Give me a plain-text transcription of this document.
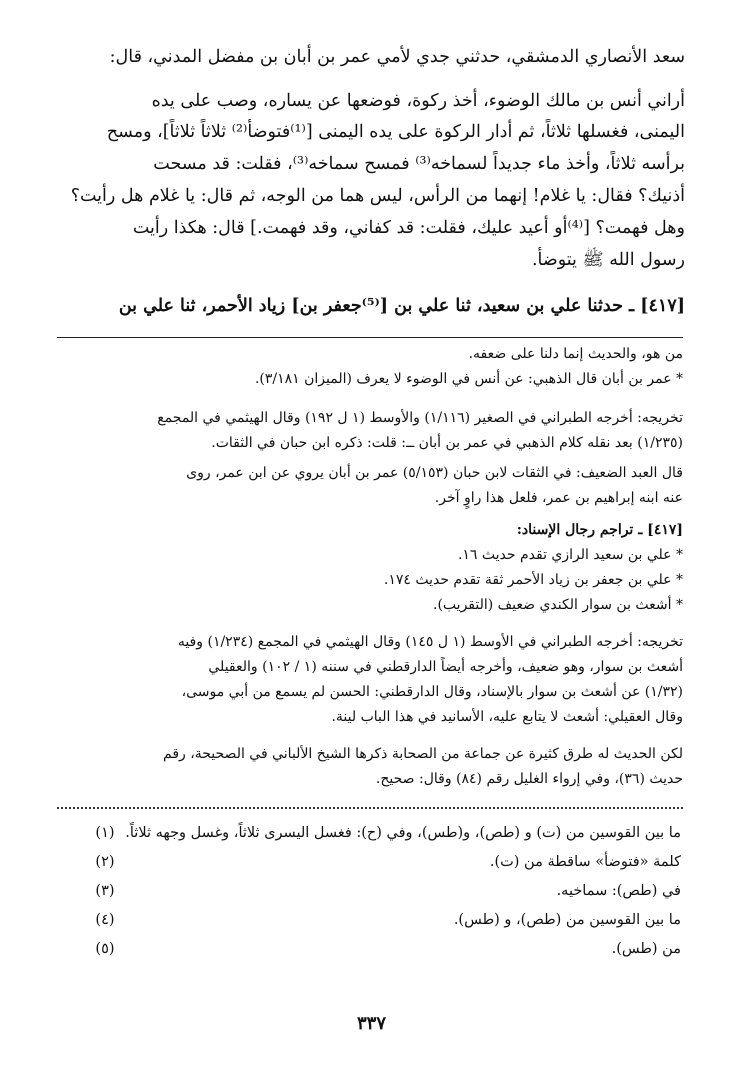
سعد الأنصاري الدمشقي، حدثني جدي لأمي عمر بن أبان بن مفضل المدني، قال:
أراني أنس بن مالك الوضوء، أخذ ركوة، فوضعها عن يساره، وصب على يده
اليمنى، فغسلها ثلاثاً، ثم أدار الركوة على يده اليمنى [⁽¹⁾فتوضأ⁽²⁾ ثلاثاً ثلاثاً]، ومسح
برأسه ثلاثاً، وأخذ ماء جديداً لسماخه⁽³⁾ فمسح سماخه⁽³⁾، فقلت: قد مسحت
أذنيك؟ فقال: يا غلام! إنهما من الرأس، ليس هما من الوجه، ثم قال: يا غلام هل رأيت؟
وهل فهمت؟ [⁽⁴⁾أو أعيد عليك، فقلت: قد كفاني، وقد فهمت.] قال: هكذا رأيت
رسول الله ﷺ يتوضأ.
[٤١٧] ـ حدثنا علي بن سعيد، ثنا علي بن [⁽⁵⁾جعفر بن] زياد الأحمر، ثنا علي بن
من هو، والحديث إنما دلنا على ضعفه.
* عمر بن أبان قال الذهبي: عن أنس في الوضوء لا يعرف (الميزان ٣/١٨١).
تخريجه: أخرجه الطبراني في الصغير (١/١١٦) والأوسط (١ ل ١٩٢) وقال الهيثمي في المجمع
(١/٢٣٥) بعد نقله كلام الذهبي في عمر بن أبان ــ: قلت: ذكره ابن حبان في الثقات.
قال العبد الضعيف: في الثقات لابن حبان (٥/١٥٣) عمر بن أبان يروي عن ابن عمر، روى
عنه ابنه إبراهيم بن عمر، فلعل هذا راوٍ آخر.
[٤١٧] ـ تراجم رجال الإسناد:
* علي بن سعيد الرازي تقدم حديث ١٦.
* علي بن جعفر بن زياد الأحمر ثقة تقدم حديث ١٧٤.
* أشعث بن سوار الكندي ضعيف (التقريب).
تخريجه: أخرجه الطبراني في الأوسط (١ ل ١٤٥) وقال الهيثمي في المجمع (١/٢٣٤) وفيه
أشعث بن سوار، وهو ضعيف، وأخرجه أيضاً الدارقطني في سننه (١ / ١٠٢) والعقيلي
(١/٣٢) عن أشعث بن سوار بالإسناد، وقال الدارقطني: الحسن لم يسمع من أبي موسى،
وقال العقيلي: أشعث لا يتابع عليه، الأسانيد في هذا الباب لينة.
لكن الحديث له طرق كثيرة عن جماعة من الصحابة ذكرها الشيخ الألباني في الصحيحة، رقم
حديث (٣٦)، وفي إرواء الغليل رقم (٨٤) وقال: صحيح.
(١) ما بين القوسين من (ت) و (طص)، و(طس)، وفي (ح): فغسل اليسرى ثلاثاً، وغسل وجهه ثلاثاً.
(٢)	كلمة «فتوضأ» ساقطة من (ت).
(٣)	في (طص): سماخيه.
(٤)	ما بين القوسين من (طص)، و (طس).
(٥)	من (طس).
٣٣٧
